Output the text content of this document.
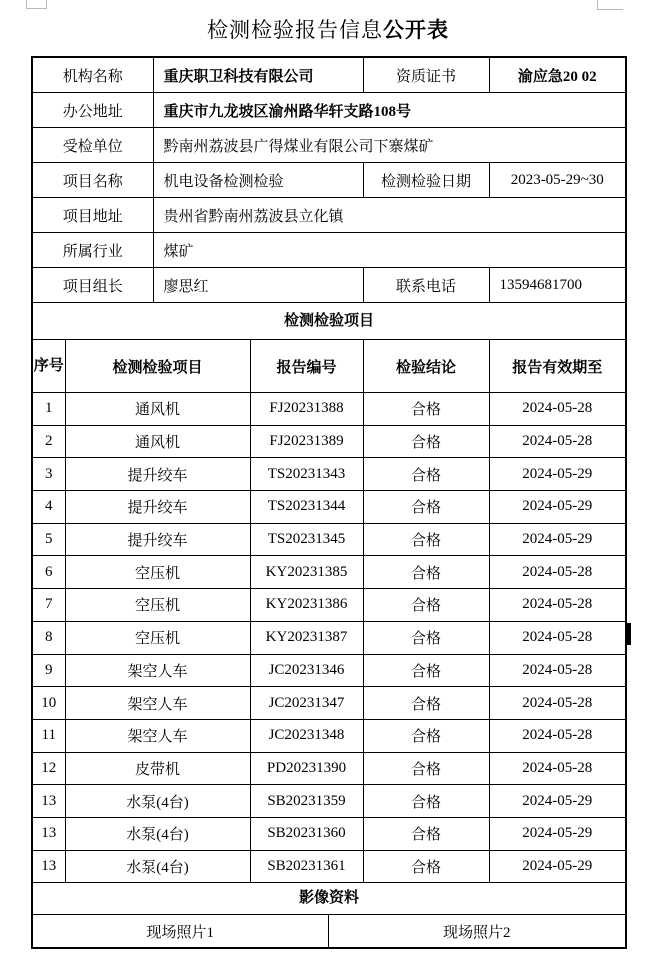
检测检验报告信息公开表
机构名称	重庆职卫科技有限公司	资质证书	渝应急20 02
办公地址	重庆市九龙坡区渝州路华轩支路108号		
受检单位	黔南州荔波县广得煤业有限公司下寨煤矿		
项目名称	机电设备检测检验	检测检验日期	2023-05-29~30
项目地址	贵州省黔南州荔波县立化镇		
所属行业	煤矿		
项目组长	廖思红	联系电话	13594681700
检测检验项目
序号	检测检验项目	报告编号	检验结论	报告有效期至
1	通风机	FJ20231388	合格	2024-05-28
2	通风机	FJ20231389	合格	2024-05-28
3	提升绞车	TS20231343	合格	2024-05-29
4	提升绞车	TS20231344	合格	2024-05-29
5	提升绞车	TS20231345	合格	2024-05-29
6	空压机	KY20231385	合格	2024-05-28
7	空压机	KY20231386	合格	2024-05-28
8	空压机	KY20231387	合格	2024-05-28
9	架空人车	JC20231346	合格	2024-05-28
10	架空人车	JC20231347	合格	2024-05-28
11	架空人车	JC20231348	合格	2024-05-28
12	皮带机	PD20231390	合格	2024-05-28
13	水泵(4台)	SB20231359	合格	2024-05-29
13	水泵(4台)	SB20231360	合格	2024-05-29
13	水泵(4台)	SB20231361	合格	2024-05-29
影像资料
现场照片1	现场照片2
